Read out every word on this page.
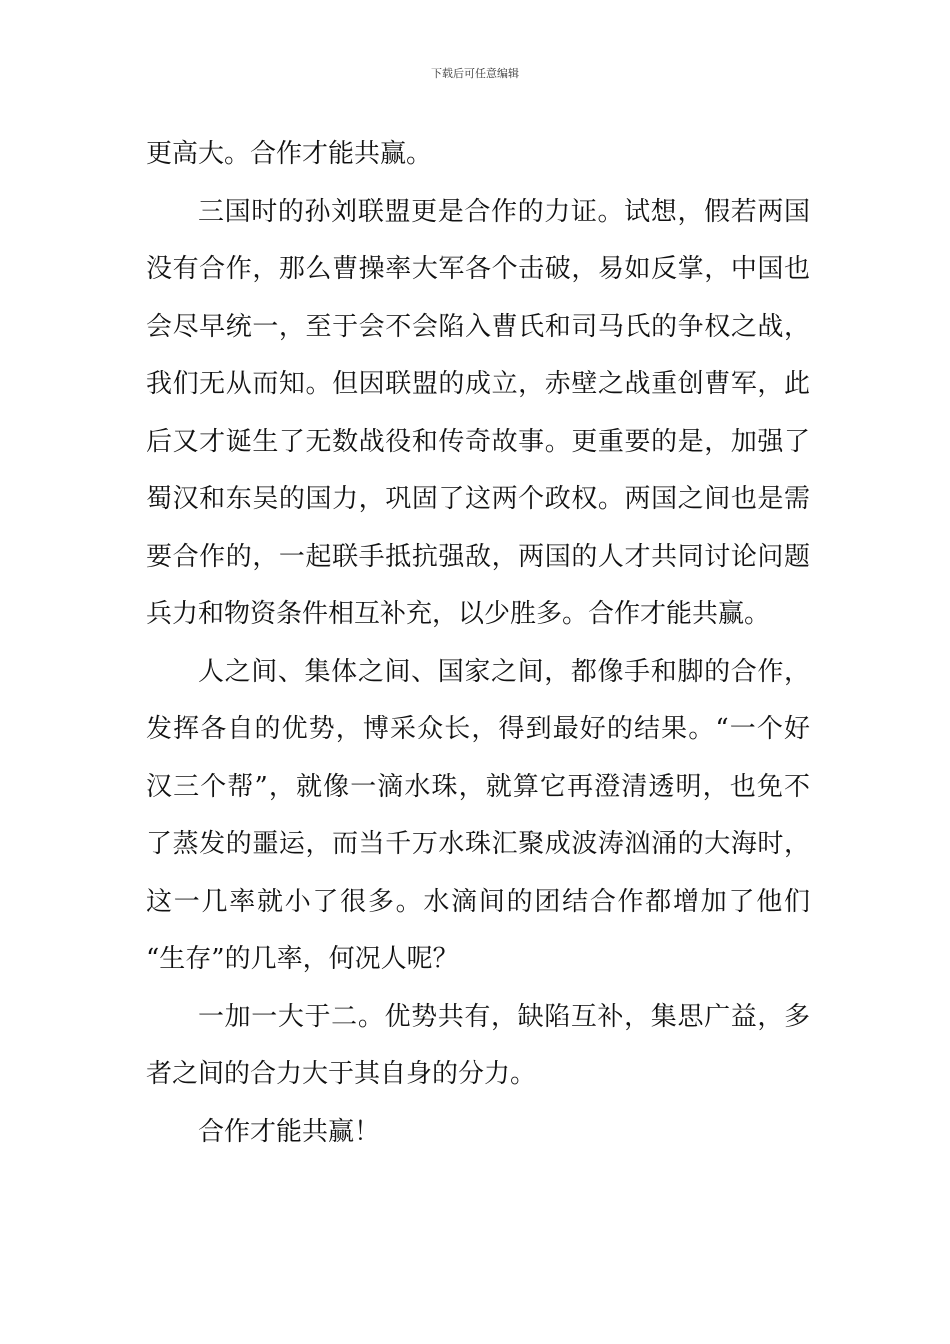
下载后可任意编辑
更高大。合作才能共赢。
三国时的孙刘联盟更是合作的力证。试想，假若两国
没有合作，那么曹操率大军各个击破，易如反掌，中国也
会尽早统一，至于会不会陷入曹氏和司马氏的争权之战，
我们无从而知。但因联盟的成立，赤壁之战重创曹军，此
后又才诞生了无数战役和传奇故事。更重要的是，加强了
蜀汉和东吴的国力，巩固了这两个政权。两国之间也是需
要合作的，一起联手抵抗强敌，两国的人才共同讨论问题
兵力和物资条件相互补充，以少胜多。合作才能共赢。
人之间、集体之间、国家之间，都像手和脚的合作，
发挥各自的优势，博采众长，得到最好的结果。“一个好
汉三个帮”，就像一滴水珠，就算它再澄清透明，也免不
了蒸发的噩运，而当千万水珠汇聚成波涛汹涌的大海时，
这一几率就小了很多。水滴间的团结合作都增加了他们
“生存”的几率，何况人呢？
一加一大于二。优势共有，缺陷互补，集思广益，多
者之间的合力大于其自身的分力。
合作才能共赢！
